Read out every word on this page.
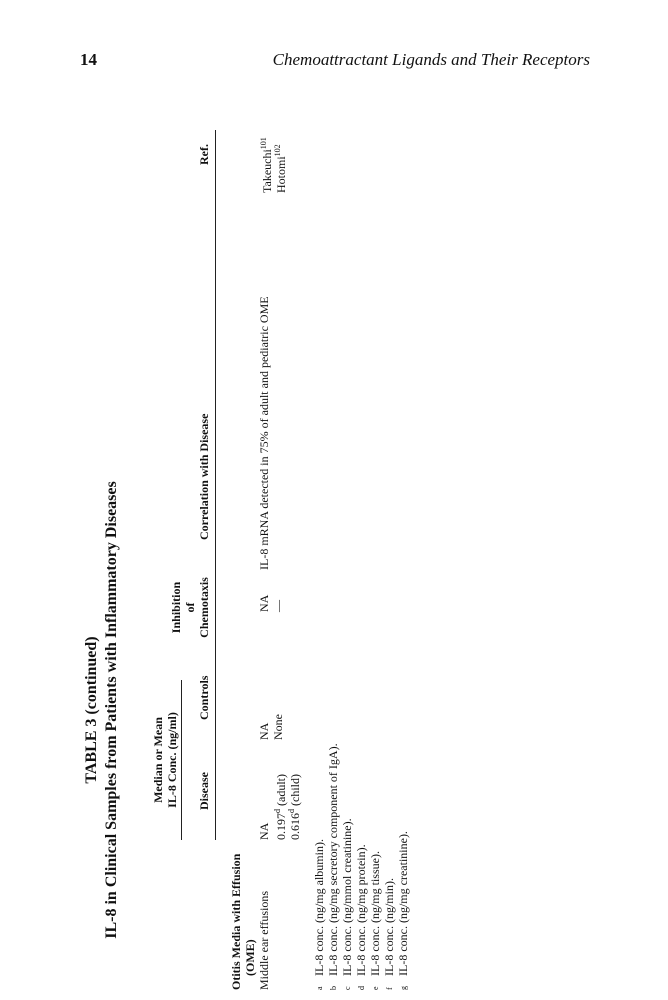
14	Chemoattractant Ligands and Their Receptors
TABLE 3 (continued) IL-8 in Clinical Samples from Patients with Inflammatory Diseases	Median or Mean IL-8 Conc. (ng/ml) Disease
Controls
Inhibition of Chemotaxis
Correlation with Disease
Ref.
Otitis Media with Effusion (OME) Middle ear effusions
NA 0.197$^d$ (adult)
0.616$^d$ (child)
NA None
NA —
IL-8 mRNA detected in 75% of adult and pediatric OME
Takeuchi$^{101}$
Hotomi$^{102}$
a
IL-8 conc. (ng/mg albumin).
b
IL-8 conc. (ng/mg secretory component of IgA).
c
IL-8 conc. (ng/mmol creatinine).
d
IL-8 conc. (ng/mg protein).
e
IL-8 conc. (ng/mg tissue).
f
IL-8 conc. (ng/min).
g
IL-8 conc. (ng/mg creatinine).
